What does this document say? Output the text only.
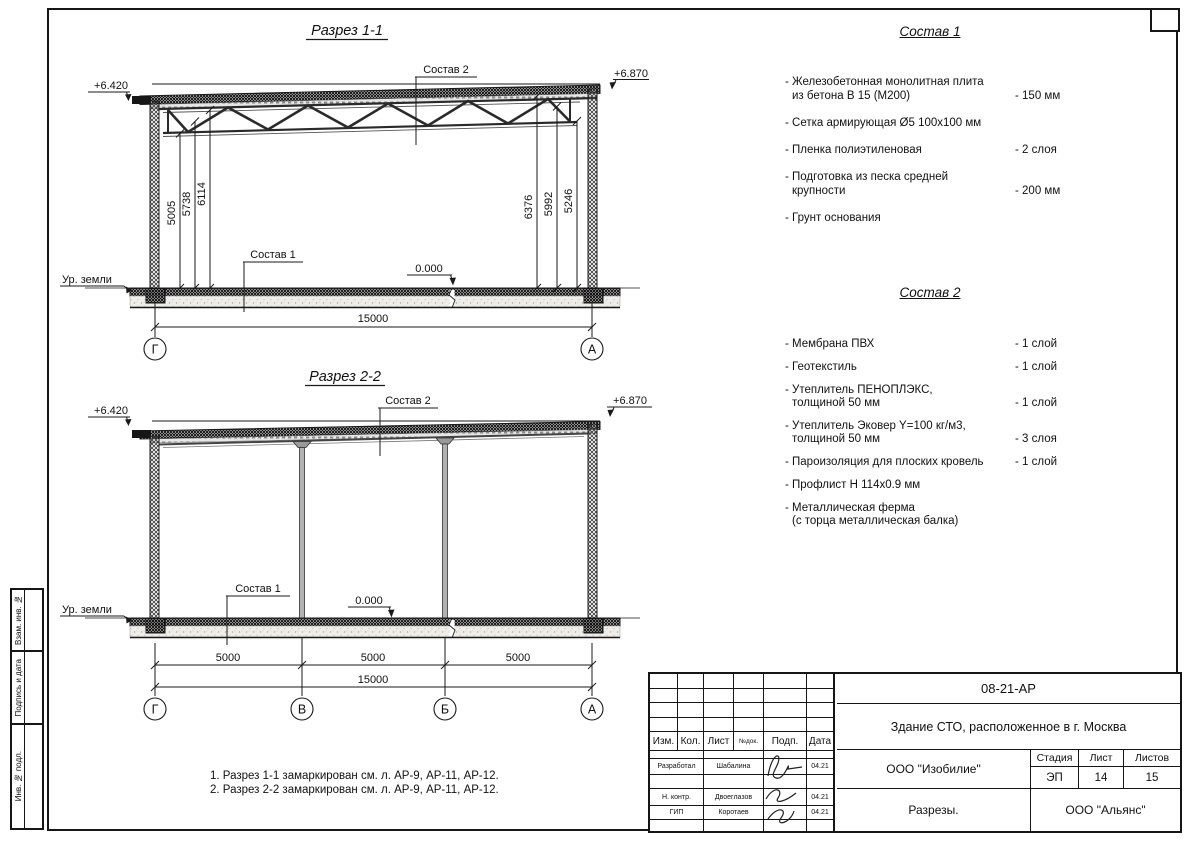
Разрез 1-1
+6.420
+6.870
Состав 2
5005 5738 6114
6376 5992 5246
Ур. земли
Состав 1
0.000
15000
Г	А
Разрез 2-2
+6.420
+6.870
Состав 2
Ур. земли
Состав 1
0.000
5000	5000	5000
15000
Г	В	Б	А
Взам. инв. №
Подпись и дата
Инв. № подл.
Состав 1
- Железобетонная монолитная плита
из бетона В 15 (М200)	- 150 мм
- Сетка армирующая Ø5 100x100 мм
- Пленка полиэтиленовая	- 2 слоя
- Подготовка из песка средней
крупности	- 200 мм
- Грунт основания
Состав 2
- Мембрана ПВХ	- 1 слой
- Геотекстиль	- 1 слой
- Утеплитель ПЕНОПЛЭКС,
толщиной 50 мм	- 1 слой
- Утеплитель Эковер Y=100 кг/м3,
толщиной 50 мм	- 3 слоя
- Пароизоляция для плоских кровель	- 1 слой
- Профлист Н 114x0.9 мм
- Металлическая ферма
(с торца металлическая балка)
1. Разрез 1-1 замаркирован см. л. АР-9, АР-11, АР-12.
2. Разрез 2-2 замаркирован см. л. АР-9, АР-11, АР-12.
Изм. Кол. Лист	№док.	Подп.	Дата
Разработал	Шабалина	04.21
Н. контр.	Двоеглазов	04.21
ГИП	Коротаев	04.21
08-21-АР
Здание СТО, расположенное в г. Москва
ООО "Изобилие"
Стадия	Лист	Листов
ЭП	14	15
Разрезы.	ООО "Альянс"
